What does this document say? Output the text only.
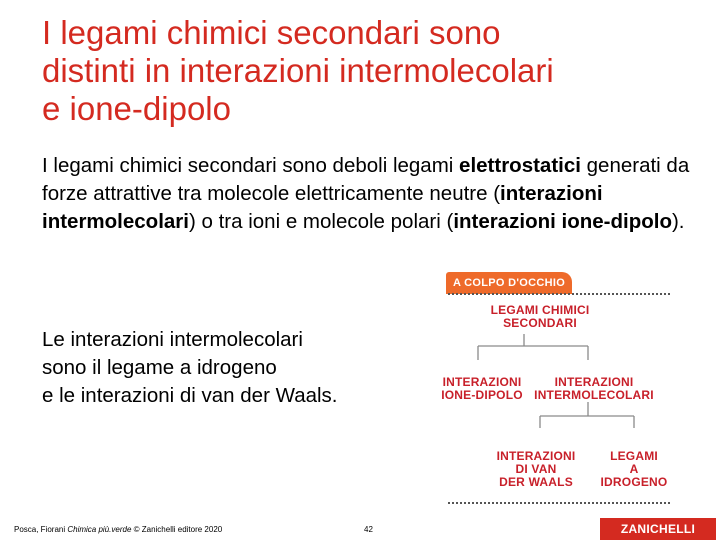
I legami chimici secondari sono
distinti in interazioni intermolecolari
e ione-dipolo

I legami chimici secondari sono deboli legami elettrostatici generati da forze attrattive tra molecole elettricamente neutre (interazioni intermolecolari) o tra ioni e molecole polari (interazioni ione-dipolo).

Le interazioni intermolecolari
sono il legame a idrogeno
e le interazioni di van der Waals.

A COLPO D'OCCHIO
LEGAMI CHIMICI
SECONDARI
INTERAZIONI
IONE-DIPOLO
INTERAZIONI
INTERMOLECOLARI
INTERAZIONI
DI VAN
DER WAALS
LEGAMI
A
IDROGENO
Posca, Fiorani Chimica più.verde © Zanichelli editore 2020	42	ZANICHELLI
